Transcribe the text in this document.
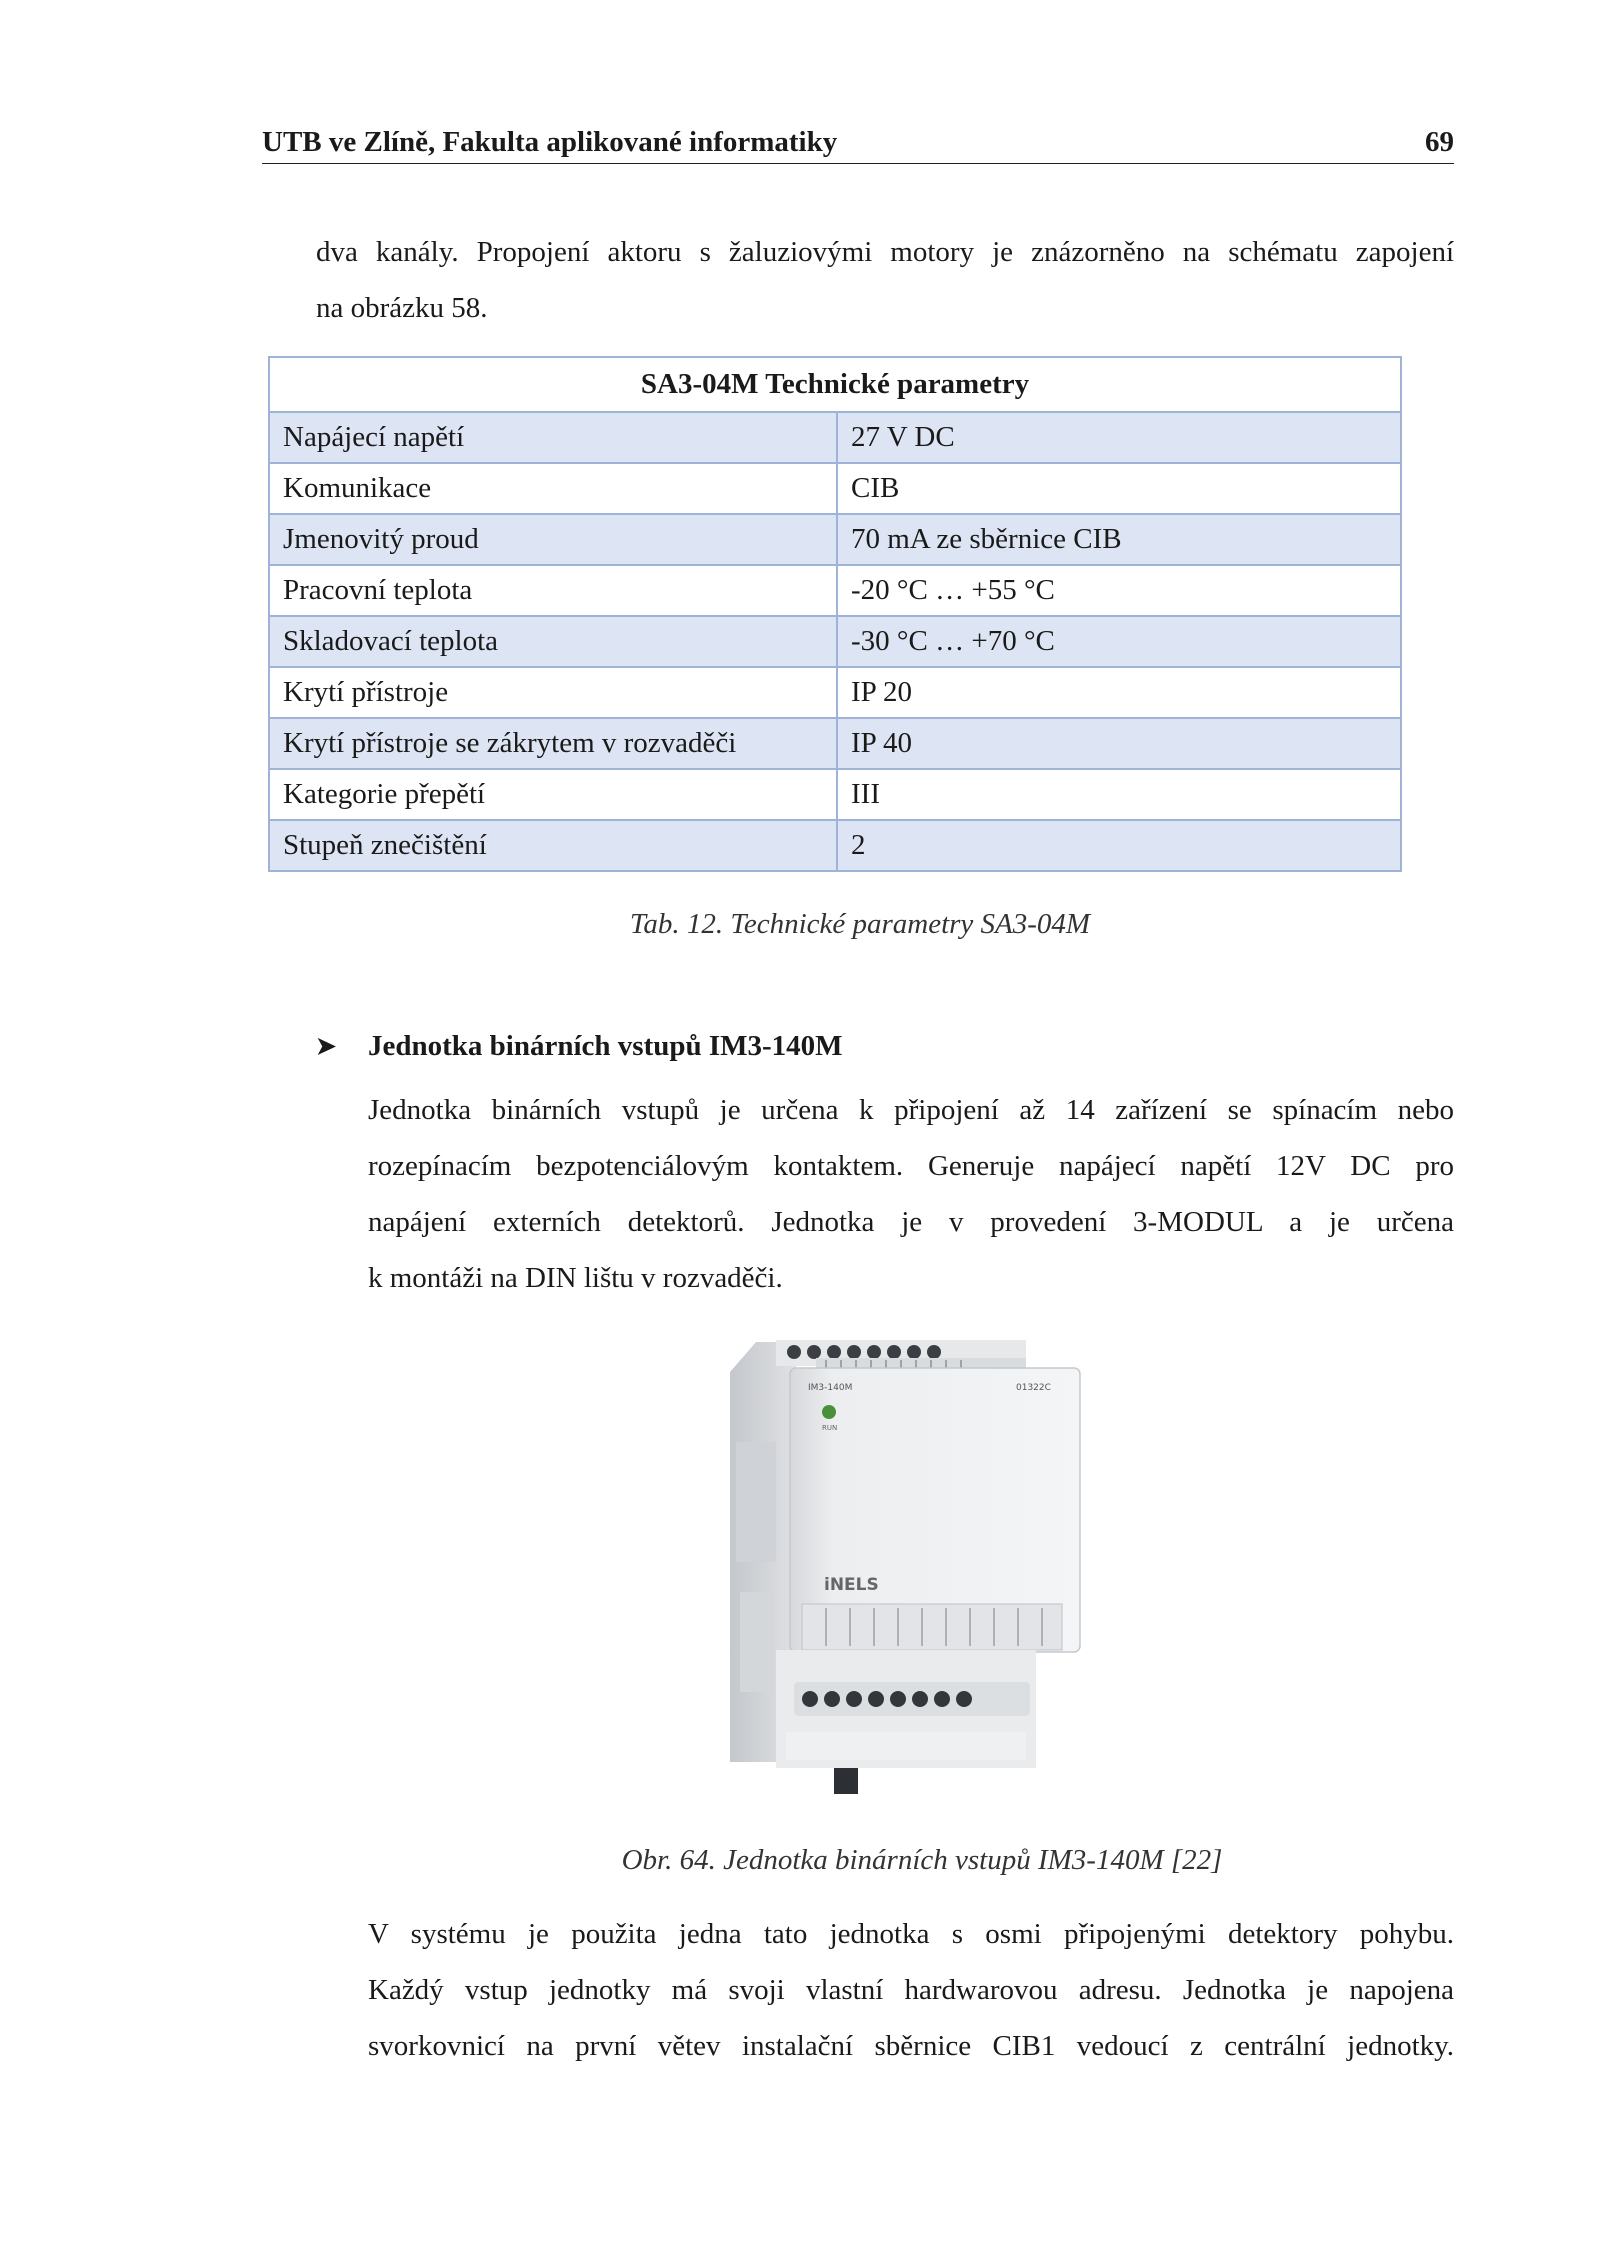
UTB ve Zlíně, Fakulta aplikované informatiky	69
dva kanály. Propojení aktoru s žaluziovými motory je znázorněno na schématu zapojení
na obrázku 58.
SA3-04M Technické parametry	
Napájecí napětí	27 V DC
Komunikace	CIB
Jmenovitý proud	70 mA ze sběrnice CIB
Pracovní teplota	-20 °C … +55 °C
Skladovací teplota	-30 °C … +70 °C
Krytí přístroje	IP 20
Krytí přístroje se zákrytem v rozvaděči	IP 40
Kategorie přepětí	III
Stupeň znečištění	2
Tab. 12. Technické parametry SA3-04M
➤ Jednotka binárních vstupů IM3-140M
Jednotka binárních vstupů je určena k připojení až 14 zařízení se spínacím nebo
rozepínacím bezpotenciálovým kontaktem. Generuje napájecí napětí 12V DC pro
napájení externích detektorů. Jednotka je v provedení 3-MODUL a je určena
k montáži na DIN lištu v rozvaděči.
IM3-140M	01322C
RUN
iNELS
Obr. 64. Jednotka binárních vstupů IM3-140M [22]
V systému je použita jedna tato jednotka s osmi připojenými detektory pohybu.
Každý vstup jednotky má svoji vlastní hardwarovou adresu. Jednotka je napojena
svorkovnicí na první větev instalační sběrnice CIB1 vedoucí z centrální jednotky.
